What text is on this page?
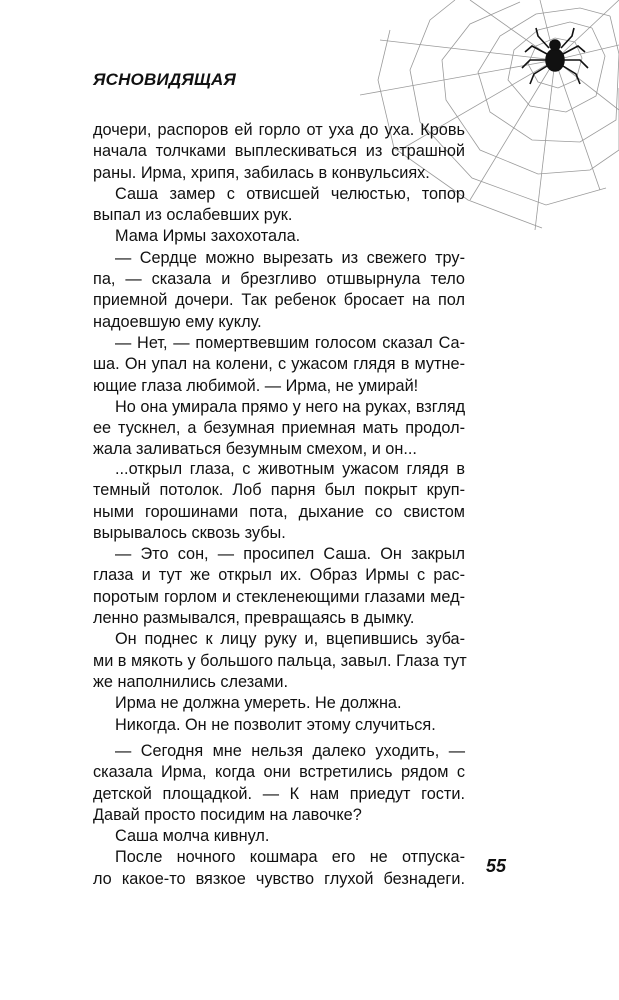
ЯСНОВИДЯЩАЯ
дочери, распоров ей горло от уха до уха. Кровь
начала толчками выплескиваться из страшной
раны. Ирма, хрипя, забилась в конвульсиях.
Саша замер с отвисшей челюстью, топор
выпал из ослабевших рук.
Мама Ирмы захохотала.
— Сердце можно вырезать из свежего тру-
па, — сказала и брезгливо отшвырнула тело
приемной дочери. Так ребенок бросает на пол
надоевшую ему куклу.
— Нет, — помертвевшим голосом сказал Са-
ша. Он упал на колени, с ужасом глядя в мутне-
ющие глаза любимой. — Ирма, не умирай!
Но она умирала прямо у него на руках, взгляд
ее тускнел, а безумная приемная мать продол-
жала заливаться безумным смехом, и он...
...открыл глаза, с животным ужасом глядя в
темный потолок. Лоб парня был покрыт круп-
ными горошинами пота, дыхание со свистом
вырывалось сквозь зубы.
— Это сон, — просипел Саша. Он закрыл
глаза и тут же открыл их. Образ Ирмы с рас-
поротым горлом и стекленеющими глазами мед-
ленно размывался, превращаясь в дымку.
Он поднес к лицу руку и, вцепившись зуба-
ми в мякоть у большого пальца, завыл. Глаза тут
же наполнились слезами.
Ирма не должна умереть. Не должна.
Никогда. Он не позволит этому случиться.
— Сегодня мне нельзя далеко уходить, —
сказала Ирма, когда они встретились рядом с
детской площадкой. — К нам приедут гости.
Давай просто посидим на лавочке?
Саша молча кивнул.
После ночного кошмара его не отпуска-
ло какое-то вязкое чувство глухой безнадеги.
55
